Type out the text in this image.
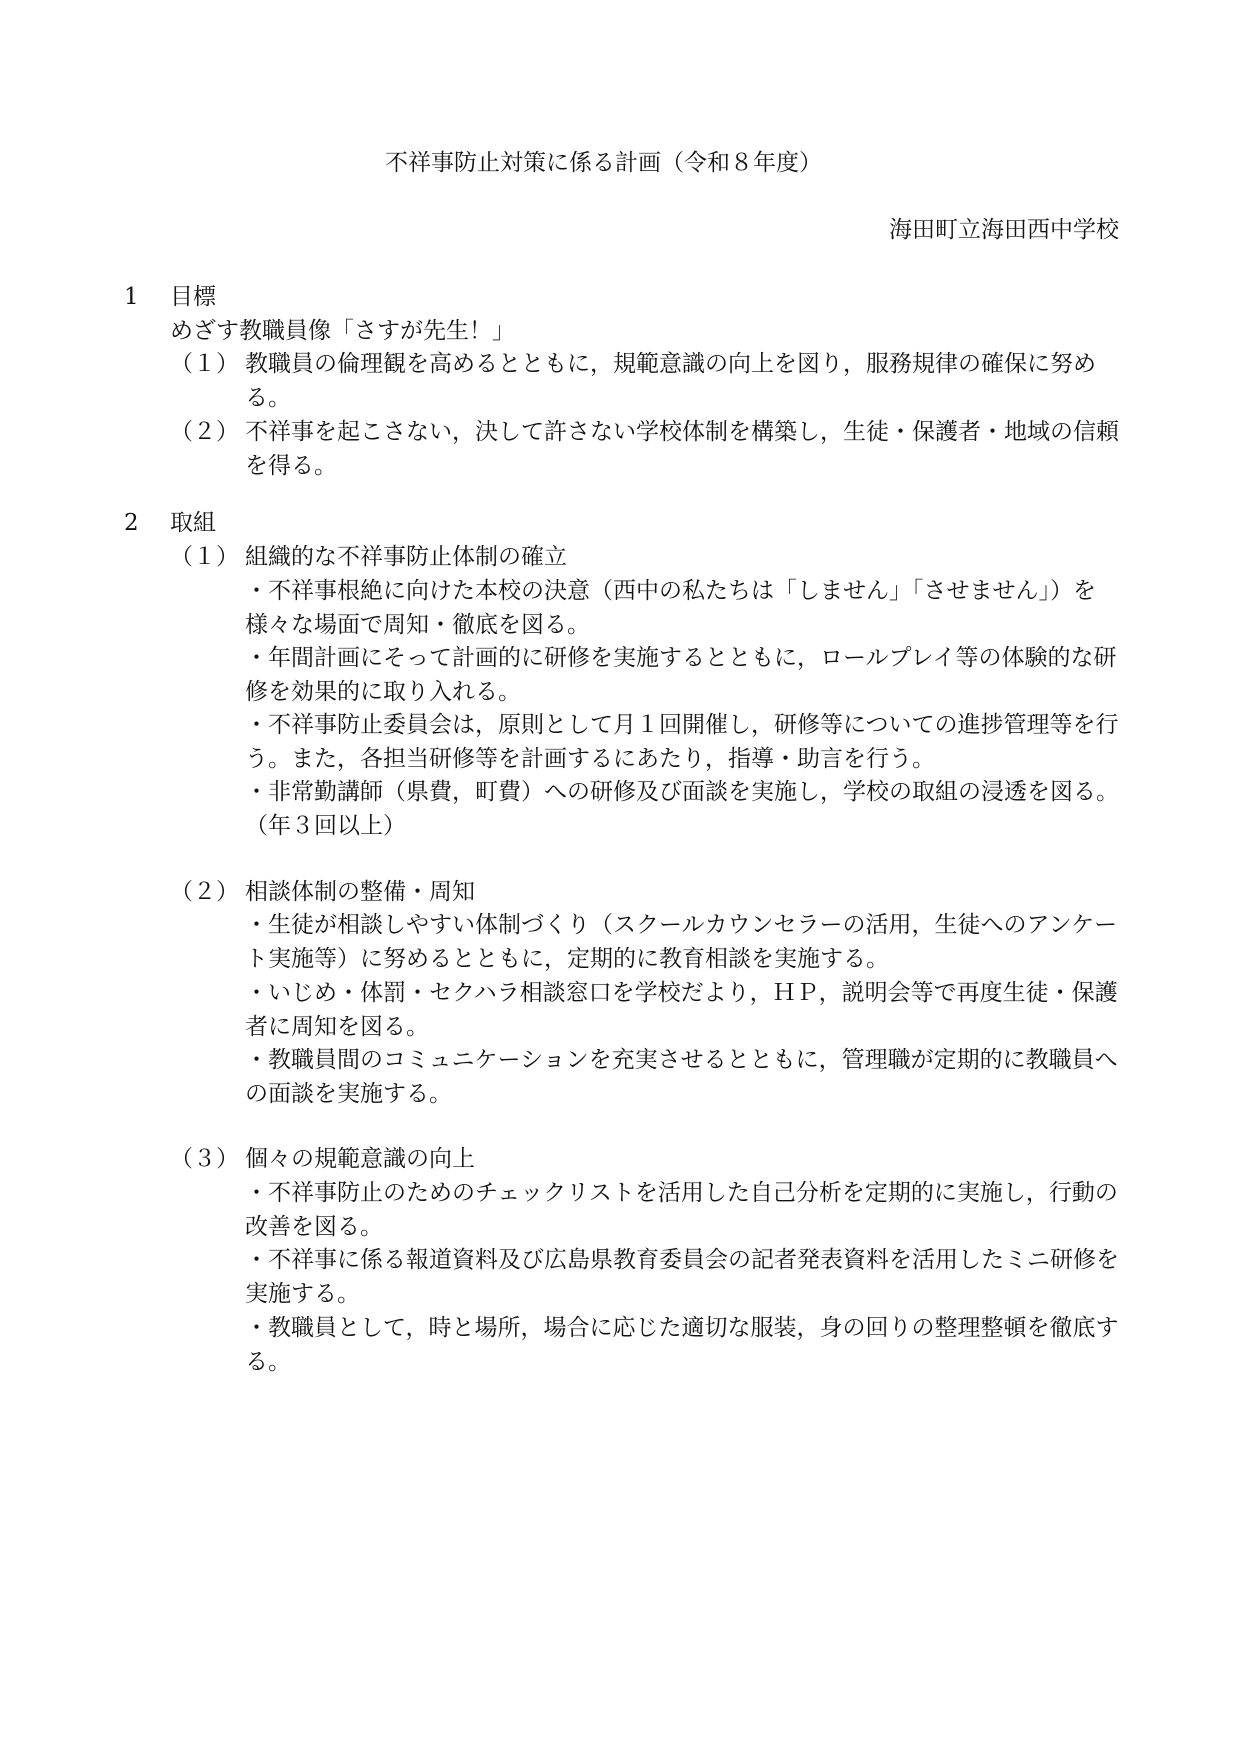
不祥事防止対策に係る計画（令和８年度）
海田町立海田西中学校
1 目標
めざす教職員像「さすが先生！」
（１） 教職員の倫理観を高めるとともに，規範意識の向上を図り，服務規律の確保に努める。
（２） 不祥事を起こさない，決して許さない学校体制を構築し，生徒・保護者・地域の信頼を得る。
2 取組
（１） 組織的な不祥事防止体制の確立
・不祥事根絶に向けた本校の決意（西中の私たちは「しません」「させません」）を様々な場面で周知・徹底を図る。
・年間計画にそって計画的に研修を実施するとともに，ロールプレイ等の体験的な研修を効果的に取り入れる。
・不祥事防止委員会は，原則として月１回開催し，研修等についての進捗管理等を行う。また，各担当研修等を計画するにあたり，指導・助言を行う。
・非常勤講師（県費，町費）への研修及び面談を実施し，学校の取組の浸透を図る。（年３回以上）
（２） 相談体制の整備・周知
・生徒が相談しやすい体制づくり（スクールカウンセラーの活用，生徒へのアンケート実施等）に努めるとともに，定期的に教育相談を実施する。
・いじめ・体罰・セクハラ相談窓口を学校だより，ＨＰ，説明会等で再度生徒・保護者に周知を図る。
・教職員間のコミュニケーションを充実させるとともに，管理職が定期的に教職員への面談を実施する。
（３） 個々の規範意識の向上
・不祥事防止のためのチェックリストを活用した自己分析を定期的に実施し，行動の改善を図る。
・不祥事に係る報道資料及び広島県教育委員会の記者発表資料を活用したミニ研修を実施する。
・教職員として，時と場所，場合に応じた適切な服装，身の回りの整理整頓を徹底する。
